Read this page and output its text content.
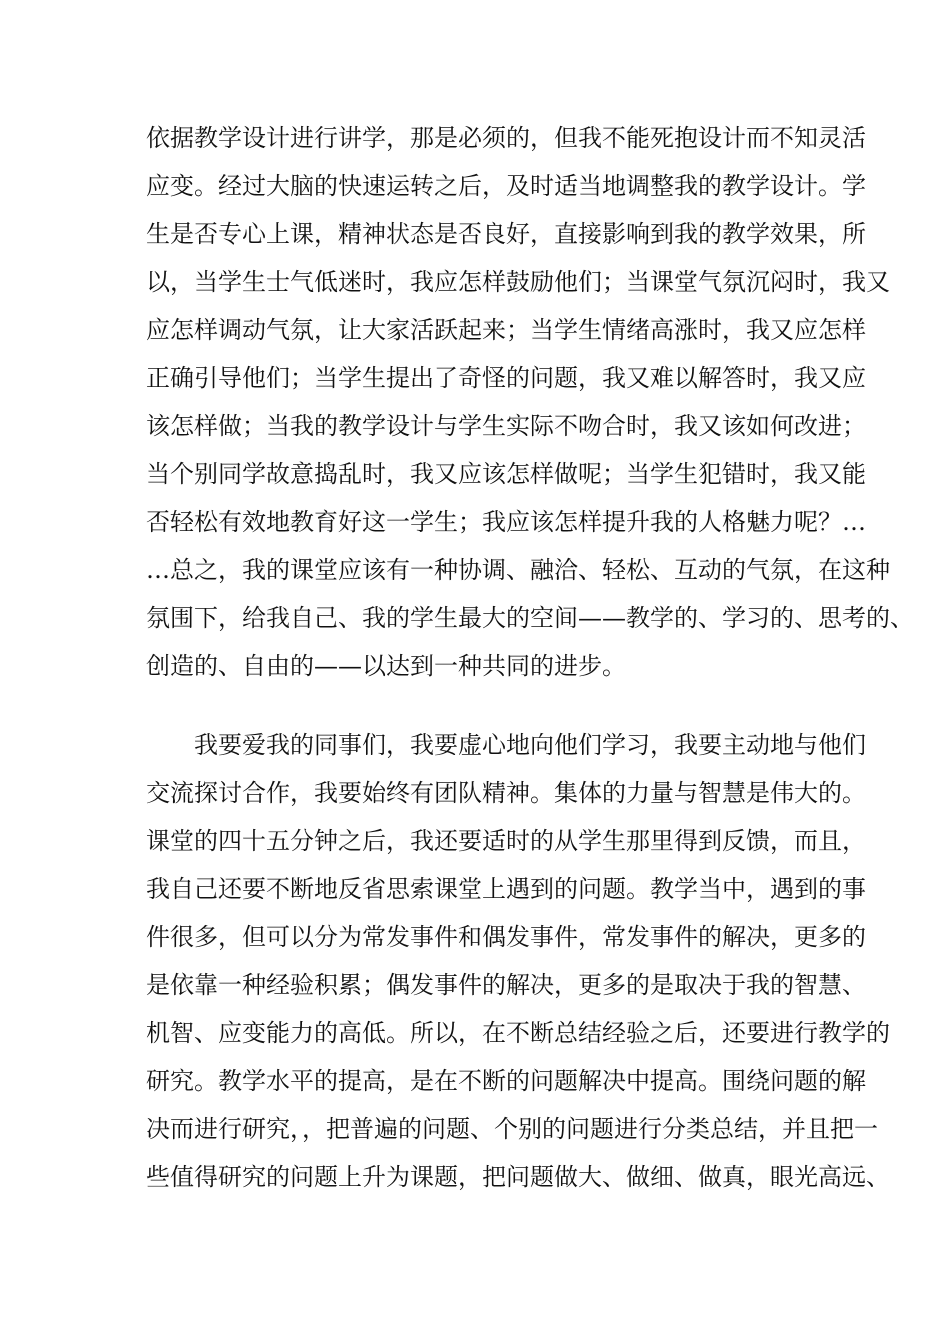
依据教学设计进行讲学，那是必须的，但我不能死抱设计而不知灵活
应变。经过大脑的快速运转之后，及时适当地调整我的教学设计。学
生是否专心上课，精神状态是否良好，直接影响到我的教学效果，所
以，当学生士气低迷时，我应怎样鼓励他们；当课堂气氛沉闷时，我又
应怎样调动气氛，让大家活跃起来；当学生情绪高涨时，我又应怎样
正确引导他们；当学生提出了奇怪的问题，我又难以解答时，我又应
该怎样做；当我的教学设计与学生实际不吻合时，我又该如何改进；
当个别同学故意捣乱时，我又应该怎样做呢；当学生犯错时，我又能
否轻松有效地教育好这一学生；我应该怎样提升我的人格魅力呢？…
…总之，我的课堂应该有一种协调、融洽、轻松、互动的气氛，在这种
氛围下，给我自己、我的学生最大的空间——教学的、学习的、思考的、
创造的、自由的——以达到一种共同的进步。
我要爱我的同事们，我要虚心地向他们学习，我要主动地与他们
交流探讨合作，我要始终有团队精神。集体的力量与智慧是伟大的。
课堂的四十五分钟之后，我还要适时的从学生那里得到反馈，而且，
我自己还要不断地反省思索课堂上遇到的问题。教学当中，遇到的事
件很多，但可以分为常发事件和偶发事件，常发事件的解决，更多的
是依靠一种经验积累；偶发事件的解决，更多的是取决于我的智慧、
机智、应变能力的高低。所以，在不断总结经验之后，还要进行教学的
研究。教学水平的提高，是在不断的问题解决中提高。围绕问题的解
决而进行研究，，把普遍的问题、个别的问题进行分类总结，并且把一
些值得研究的问题上升为课题，把问题做大、做细、做真，眼光高远、
